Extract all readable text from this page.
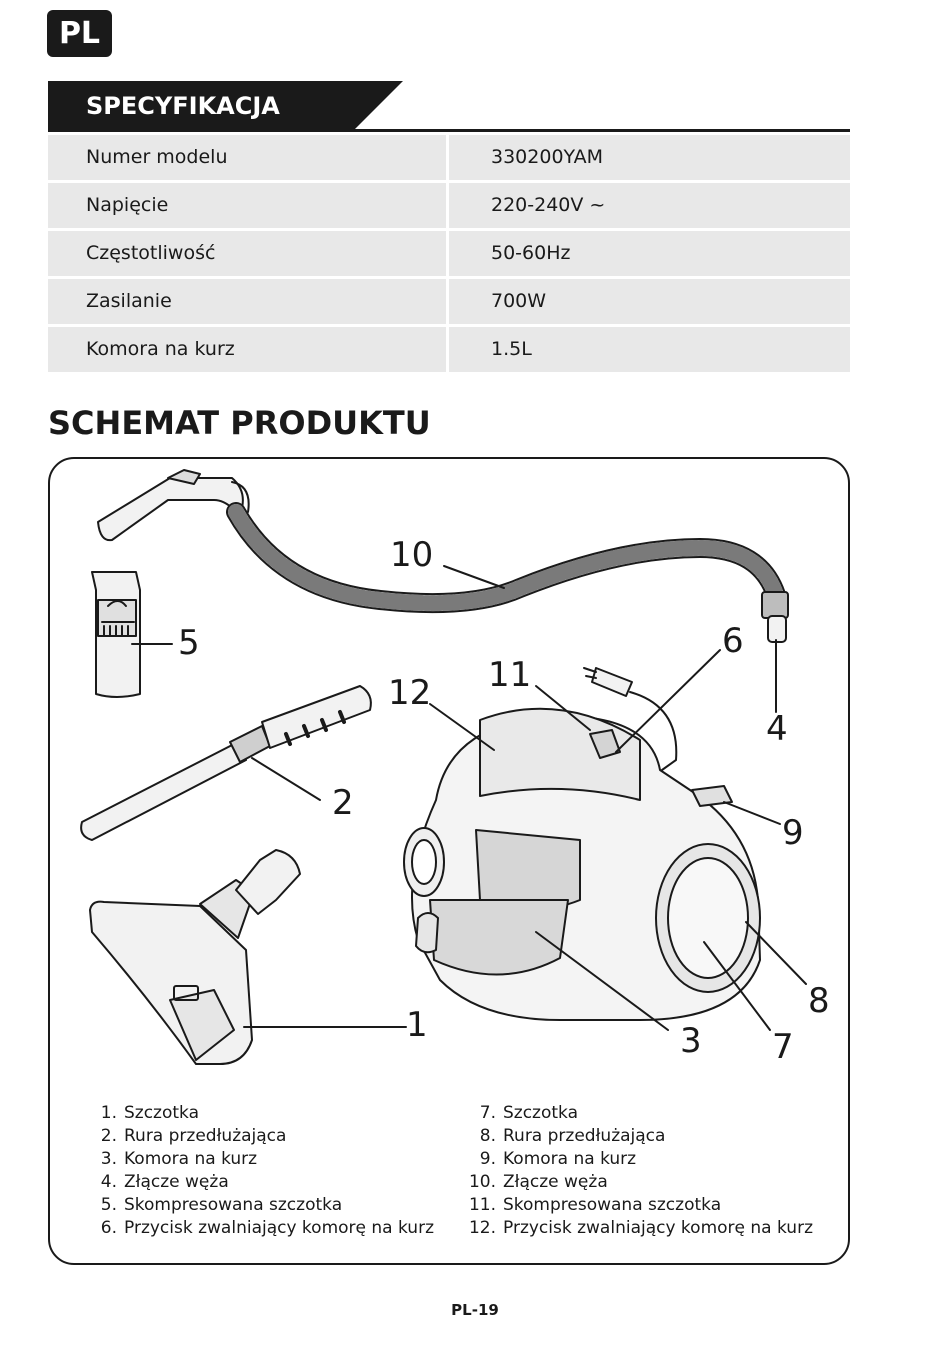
PL
SPECYFIKACJA
Numer modelu	330200YAM
Napięcie	220-240V ~
Częstotliwość	50-60Hz
Zasilanie	700W
Komora na kurz	1.5L
SCHEMAT PRODUKTU
1
2
3
4
5	6
7
8
9
10
11
12
1. Szczotka
2. Rura przedłużająca
3. Komora na kurz
4. Złącze węża
5. Skompresowana szczotka
6. Przycisk zwalniający komorę na kurz
7. Szczotka
8. Rura przedłużająca
9. Komora na kurz
10. Złącze węża
11. Skompresowana szczotka
12. Przycisk zwalniający komorę na kurz
PL-19
